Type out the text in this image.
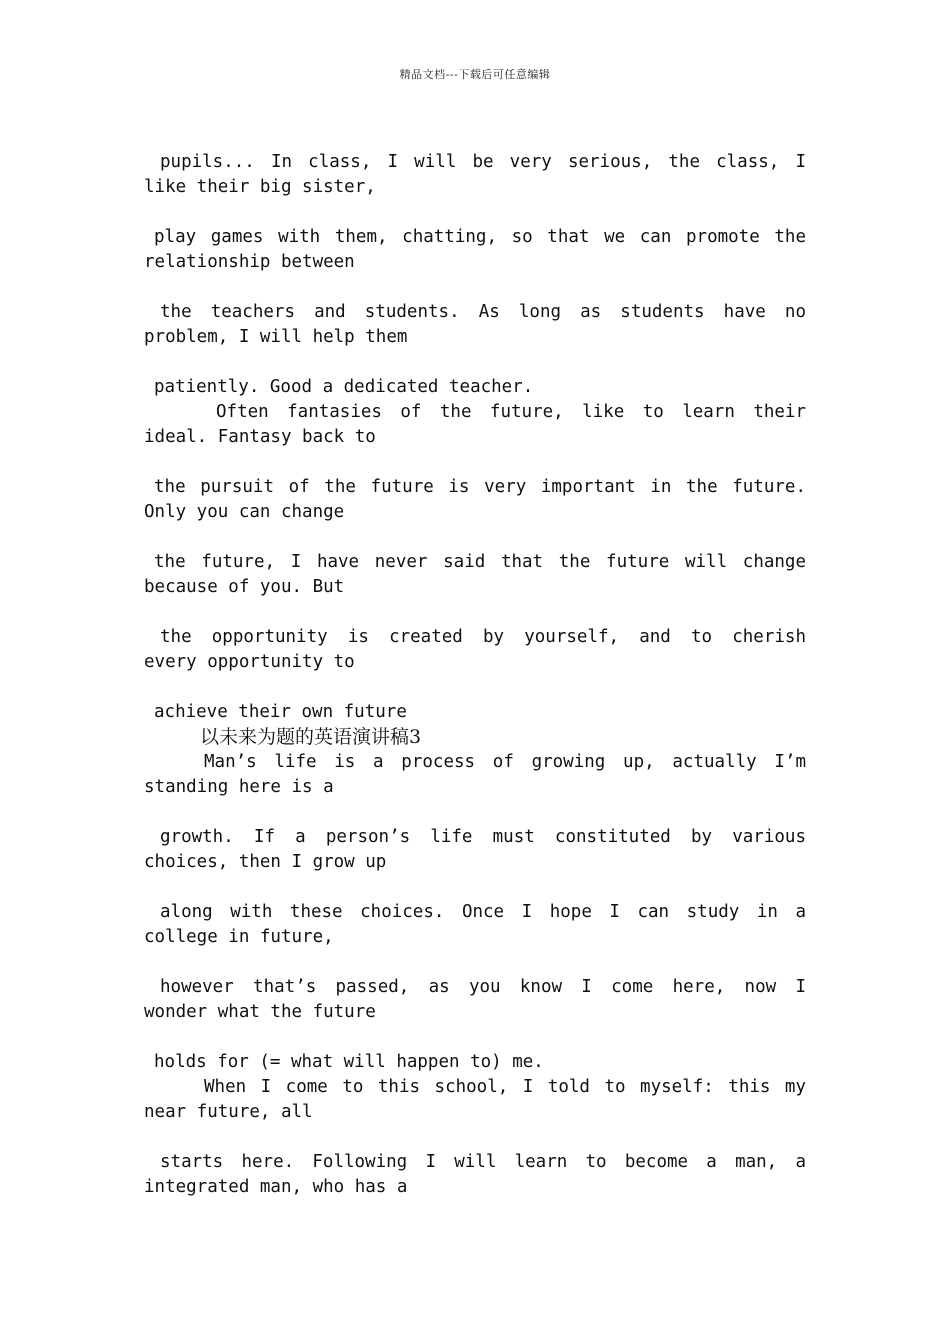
精品文档---下载后可任意编辑
pupils... In class, I will be very serious, the class, I
like their big sister,
play games with them, chatting, so that we can promote the
relationship between
the teachers and students. As long as students have no
problem, I will help them
patiently. Good a dedicated teacher.
Often fantasies of the future, like to learn their
ideal. Fantasy back to
the pursuit of the future is very important in the future.
Only you can change
the future, I have never said that the future will change
because of you. But
the opportunity is created by yourself, and to cherish
every opportunity to
achieve their own future
以未来为题的英语演讲稿3
Man’s life is a process of growing up, actually I’m
standing here is a
growth. If a person’s life must constituted by various
choices, then I grow up
along with these choices. Once I hope I can study in a
college in future,
however that’s passed, as you know I come here, now I
wonder what the future
holds for (= what will happen to) me.
When I come to this school, I told to myself: this my
near future, all
starts here. Following I will learn to become a man, a
integrated man, who has a
